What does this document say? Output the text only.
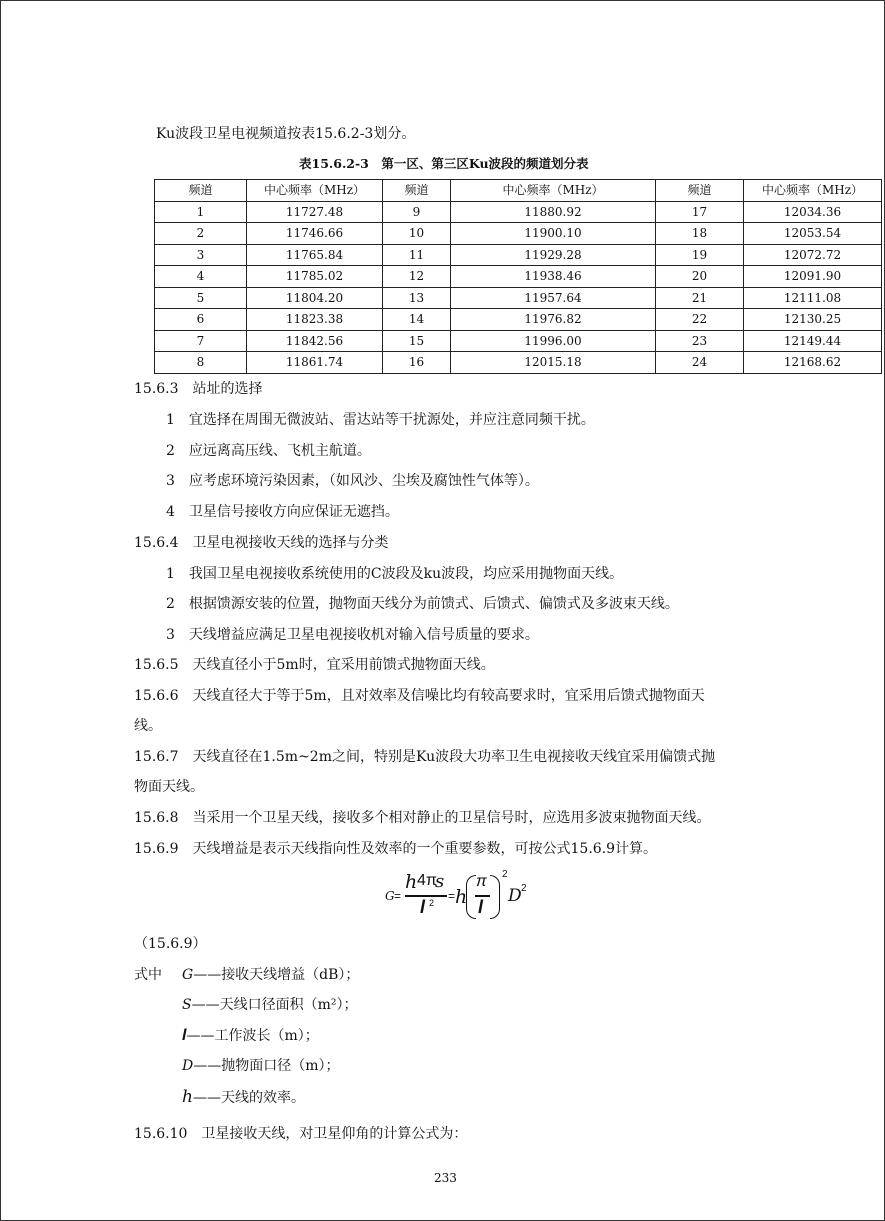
Ku波段卫星电视频道按表15.6.2-3划分。
表15.6.2-3　第一区、第三区Ku波段的频道划分表
频道	中心频率（MHz）	频道	中心频率（MHz）	频道	中心频率（MHz）
1	11727.48	9	11880.92	17	12034.36
2	11746.66	10	11900.10	18	12053.54
3	11765.84	11	11929.28	19	12072.72
4	11785.02	12	11938.46	20	12091.90
5	11804.20	13	11957.64	21	12111.08
6	11823.38	14	11976.82	22	12130.25
7	11842.56	15	11996.00	23	12149.44
8	11861.74	16	12015.18	24	12168.62
15.6.3　站址的选择
1　宜选择在周围无微波站、雷达站等干扰源处，并应注意同频干扰。
2　应远离高压线、飞机主航道。
3　应考虑环境污染因素，（如风沙、尘埃及腐蚀性气体等）。
4　卫星信号接收方向应保证无遮挡。
15.6.4　卫星电视接收天线的选择与分类
1　我国卫星电视接收系统使用的C波段及ku波段，均应采用抛物面天线。
2　根据馈源安装的位置，抛物面天线分为前馈式、后馈式、偏馈式及多波束天线。
3　天线增益应满足卫星电视接收机对输入信号质量的要求。
15.6.5　天线直径小于5m时，宜采用前馈式抛物面天线。
15.6.6　天线直径大于等于5m，且对效率及信噪比均有较高要求时，宜采用后馈式抛物面天
线。
15.6.7　天线直径在1.5m~2m之间，特别是Ku波段大功率卫生电视接收天线宜采用偏馈式抛
物面天线。
15.6.8　当采用一个卫星天线，接收多个相对静止的卫星信号时，应选用多波束抛物面天线。
15.6.9　天线增益是表示天线指向性及效率的一个重要参数，可按公式15.6.9计算。
G =
h 4π
s
l 2 = h
π
l
2
D 2
（15.6.9）
式中 G——接收天线增益（dB）；
S——天线口径面积（m²）；
l——工作波长（m）；
D——抛物面口径（m）；
h——天线的效率。
15.6.10　卫星接收天线，对卫星仰角的计算公式为：
233
